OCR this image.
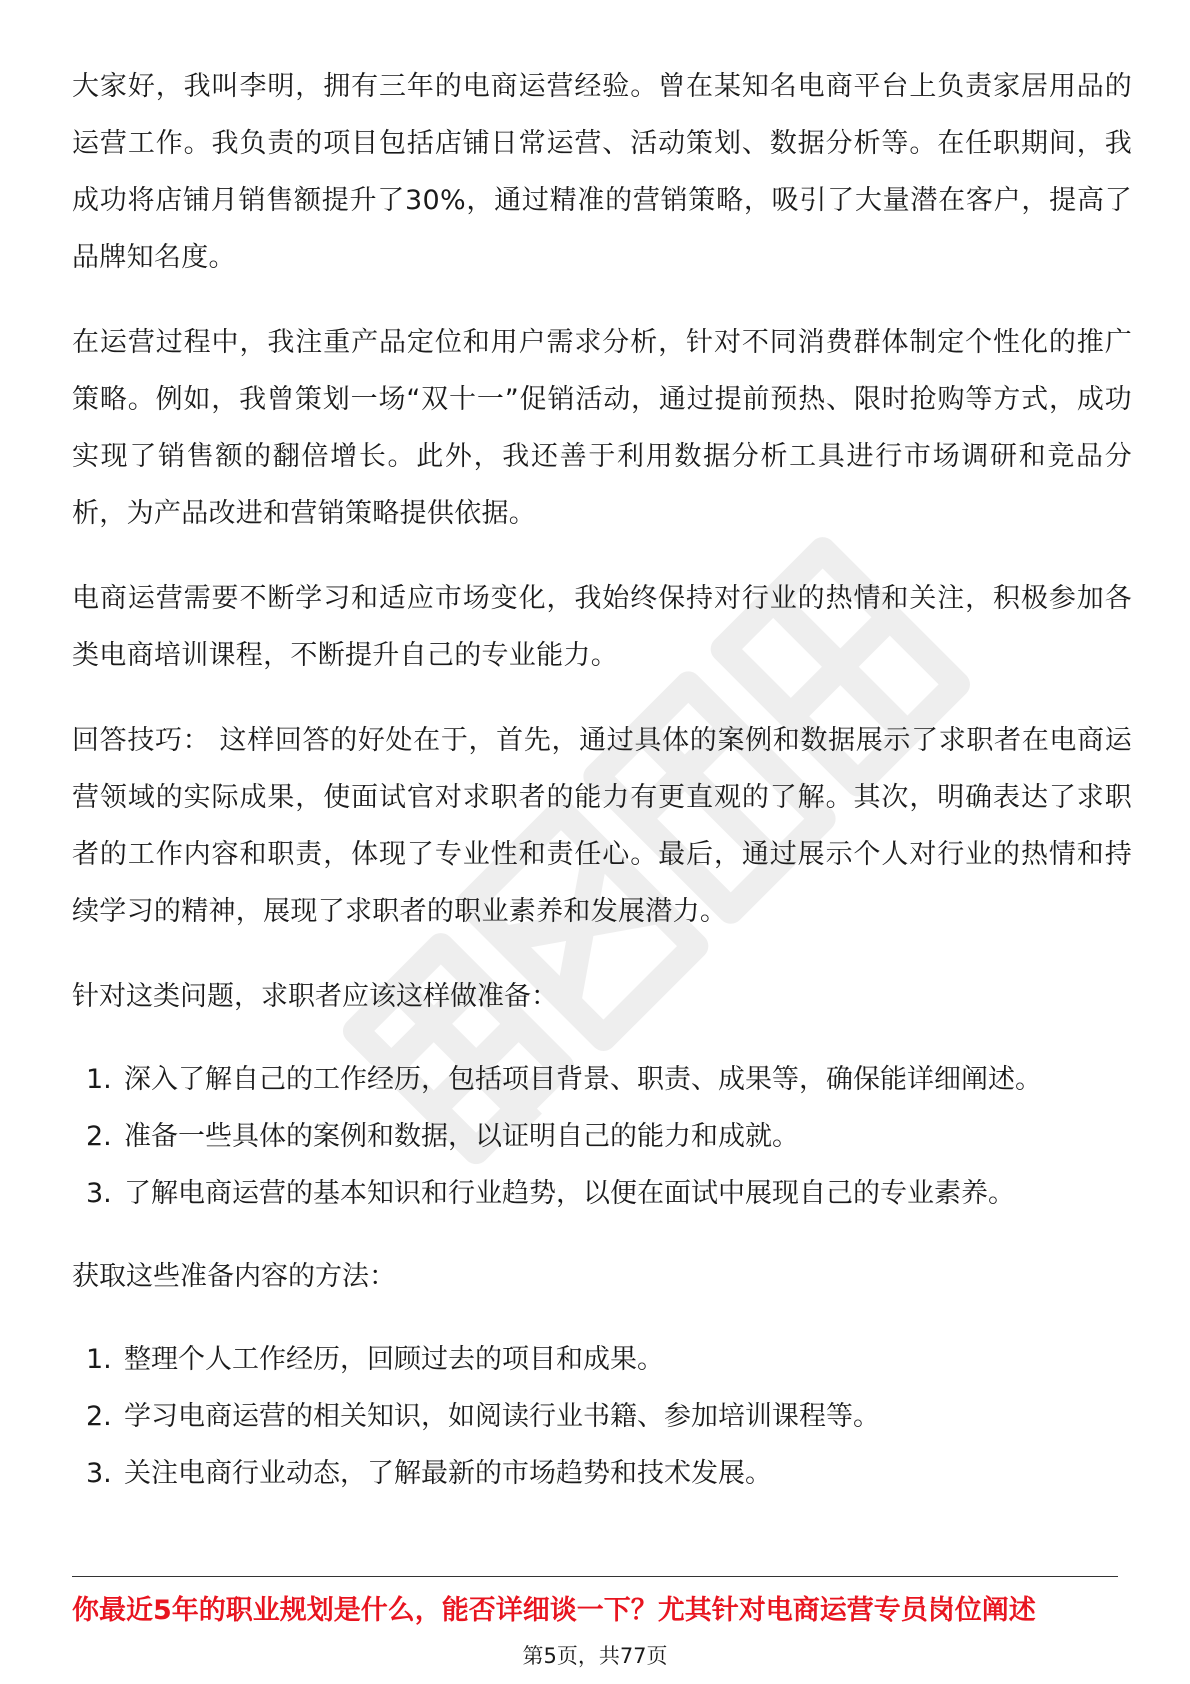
大家好，我叫李明，拥有三年的电商运营经验。曾在某知名电商平台上负责家居用品的运营工作。我负责的项目包括店铺日常运营、活动策划、数据分析等。在任职期间，我成功将店铺月销售额提升了30%，通过精准的营销策略，吸引了大量潜在客户，提高了品牌知名度。

在运营过程中，我注重产品定位和用户需求分析，针对不同消费群体制定个性化的推广策略。例如，我曾策划一场“双十一”促销活动，通过提前预热、限时抢购等方式，成功实现了销售额的翻倍增长。此外，我还善于利用数据分析工具进行市场调研和竞品分析，为产品改进和营销策略提供依据。

电商运营需要不断学习和适应市场变化，我始终保持对行业的热情和关注，积极参加各类电商培训课程，不断提升自己的专业能力。

回答技巧： 这样回答的好处在于，首先，通过具体的案例和数据展示了求职者在电商运营领域的实际成果，使面试官对求职者的能力有更直观的了解。其次，明确表达了求职者的工作内容和职责，体现了专业性和责任心。最后，通过展示个人对行业的热情和持续学习的精神，展现了求职者的职业素养和发展潜力。

针对这类问题，求职者应该这样做准备：

1. 深入了解自己的工作经历，包括项目背景、职责、成果等，确保能详细阐述。
2. 准备一些具体的案例和数据，以证明自己的能力和成就。
3. 了解电商运营的基本知识和行业趋势，以便在面试中展现自己的专业素养。

获取这些准备内容的方法：

1. 整理个人工作经历，回顾过去的项目和成果。
2. 学习电商运营的相关知识，如阅读行业书籍、参加培训课程等。
3. 关注电商行业动态，了解最新的市场趋势和技术发展。
你最近5年的职业规划是什么，能否详细谈一下？尤其针对电商运营专员岗位阐述
第5页，共77页
